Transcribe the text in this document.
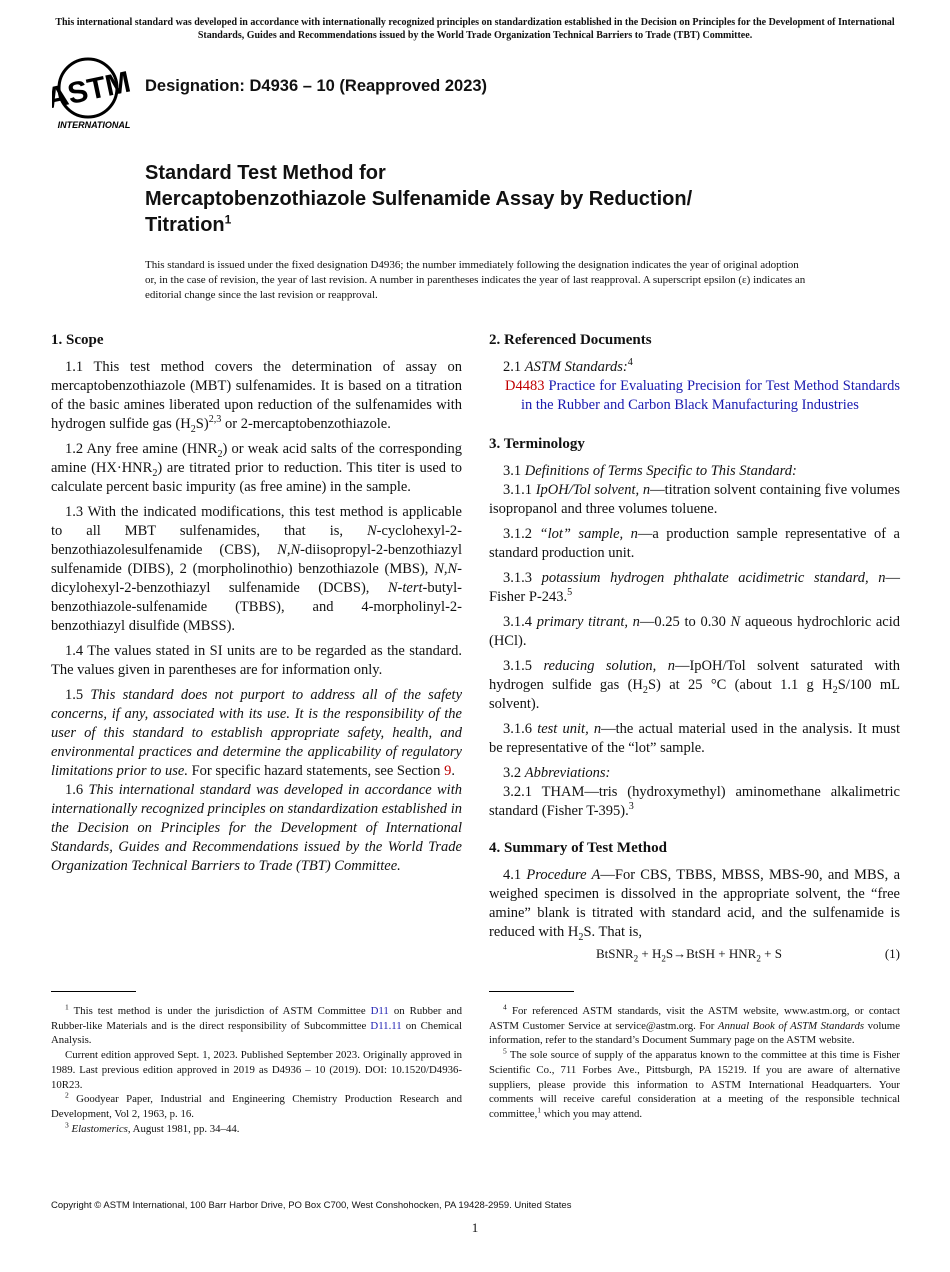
This international standard was developed in accordance with internationally recognized principles on standardization established in the Decision on Principles for the Development of International Standards, Guides and Recommendations issued by the World Trade Organization Technical Barriers to Trade (TBT) Committee.
ASTM
INTERNATIONAL
Designation: D4936 – 10 (Reapproved 2023)
Standard Test Method for
Mercaptobenzothiazole Sulfenamide Assay by Reduction/
Titration$^1$
This standard is issued under the fixed designation D4936; the number immediately following the designation indicates the year of original adoption or, in the case of revision, the year of last revision. A number in parentheses indicates the year of last reapproval. A superscript epsilon (ε) indicates an editorial change since the last revision or reapproval.
1. Scope

1.1 This test method covers the determination of assay on mercaptobenzothiazole (MBT) sulfenamides. It is based on a titration of the basic amines liberated upon reduction of the sulfenamides with hydrogen sulfide gas $(H_2S)^{2,3}$ or 2-mercaptobenzothiazole.

1.2 Any free amine $(HNR_2)$ or weak acid salts of the corresponding amine $(HX\cdot HNR_2)$ are titrated prior to reduction. This titer is used to calculate percent basic impurity (as free amine) in the sample.

1.3 With the indicated modifications, this test method is applicable to all MBT sulfenamides, that is, N-cyclohexyl-2-benzothiazolesulfenamide (CBS), N,N-diisopropyl-2-benzothiazyl sulfenamide (DIBS), 2 (morpholinothio) benzothiazole (MBS), N,N-dicylohexyl-2-benzothiazyl sulfenamide (DCBS), N-tert-butyl-benzothiazole-sulfenamide (TBBS), and 4-morpholinyl-2-benzothiazyl disulfide (MBSS).

1.4 The values stated in SI units are to be regarded as the standard. The values given in parentheses are for information only.

1.5 This standard does not purport to address all of the safety concerns, if any, associated with its use. It is the responsibility of the user of this standard to establish appropriate safety, health, and environmental practices and determine the applicability of regulatory limitations prior to use. For specific hazard statements, see Section 9.

1.6 This international standard was developed in accordance with internationally recognized principles on standardization established in the Decision on Principles for the Development of International Standards, Guides and Recommendations issued by the World Trade Organization Technical Barriers to Trade (TBT) Committee.

2. Referenced Documents

2.1 ASTM Standards:$^4$

D4483 Practice for Evaluating Precision for Test Method Standards in the Rubber and Carbon Black Manufacturing Industries

3. Terminology

3.1 Definitions of Terms Specific to This Standard:

3.1.1 IpOH/Tol solvent, n—titration solvent containing five volumes isopropanol and three volumes toluene.

3.1.2 “lot” sample, n—a production sample representative of a standard production unit.

3.1.3 potassium hydrogen phthalate acidimetric standard, n—Fisher P-243.$^5$

3.1.4 primary titrant, n—0.25 to 0.30 N aqueous hydrochloric acid (HCl).

3.1.5 reducing solution, n—IpOH/Tol solvent saturated with hydrogen sulfide gas $(H_2S)$ at 25 °C (about 1.1 g $H_2S/100$ mL solvent).

3.1.6 test unit, n—the actual material used in the analysis. It must be representative of the “lot” sample.

3.2 Abbreviations:

3.2.1 THAM—tris (hydroxymethyl) aminomethane alkalimetric standard (Fisher T-395).$^3$

4. Summary of Test Method

4.1 Procedure A—For CBS, TBBS, MBSS, MBS-90, and MBS, a weighed specimen is dissolved in the appropriate solvent, the “free amine” blank is titrated with standard acid, and the sulfenamide is reduced with $H_2S$. That is,

BtSNR$_2$ + $H_2S\to BtSH + HNR_2 + S$	(1)

$^1$ This test method is under the jurisdiction of ASTM Committee D11 on Rubber and Rubber-like Materials and is the direct responsibility of Subcommittee D11.11 on Chemical Analysis.

Current edition approved Sept. 1, 2023. Published September 2023. Originally approved in 1989. Last previous edition approved in 2019 as D4936 – 10 (2019). DOI: 10.1520/D4936-10R23.

$^2$ Goodyear Paper, Industrial and Engineering Chemistry Production Research and Development, Vol 2, 1963, p. 16.

$^3$ Elastomerics, August 1981, pp. 34–44.

$^4$ For referenced ASTM standards, visit the ASTM website, www.astm.org, or contact ASTM Customer Service at service@astm.org. For Annual Book of ASTM Standards volume information, refer to the standard’s Document Summary page on the ASTM website.

$^5$ The sole source of supply of the apparatus known to the committee at this time is Fisher Scientific Co., 711 Forbes Ave., Pittsburgh, PA 15219. If you are aware of alternative suppliers, please provide this information to ASTM International Headquarters. Your comments will receive careful consideration at a meeting of the responsible technical committee,$^1$ which you may attend.

Copyright © ASTM International, 100 Barr Harbor Drive, PO Box C700, West Conshohocken, PA 19428-2959. United States
1
